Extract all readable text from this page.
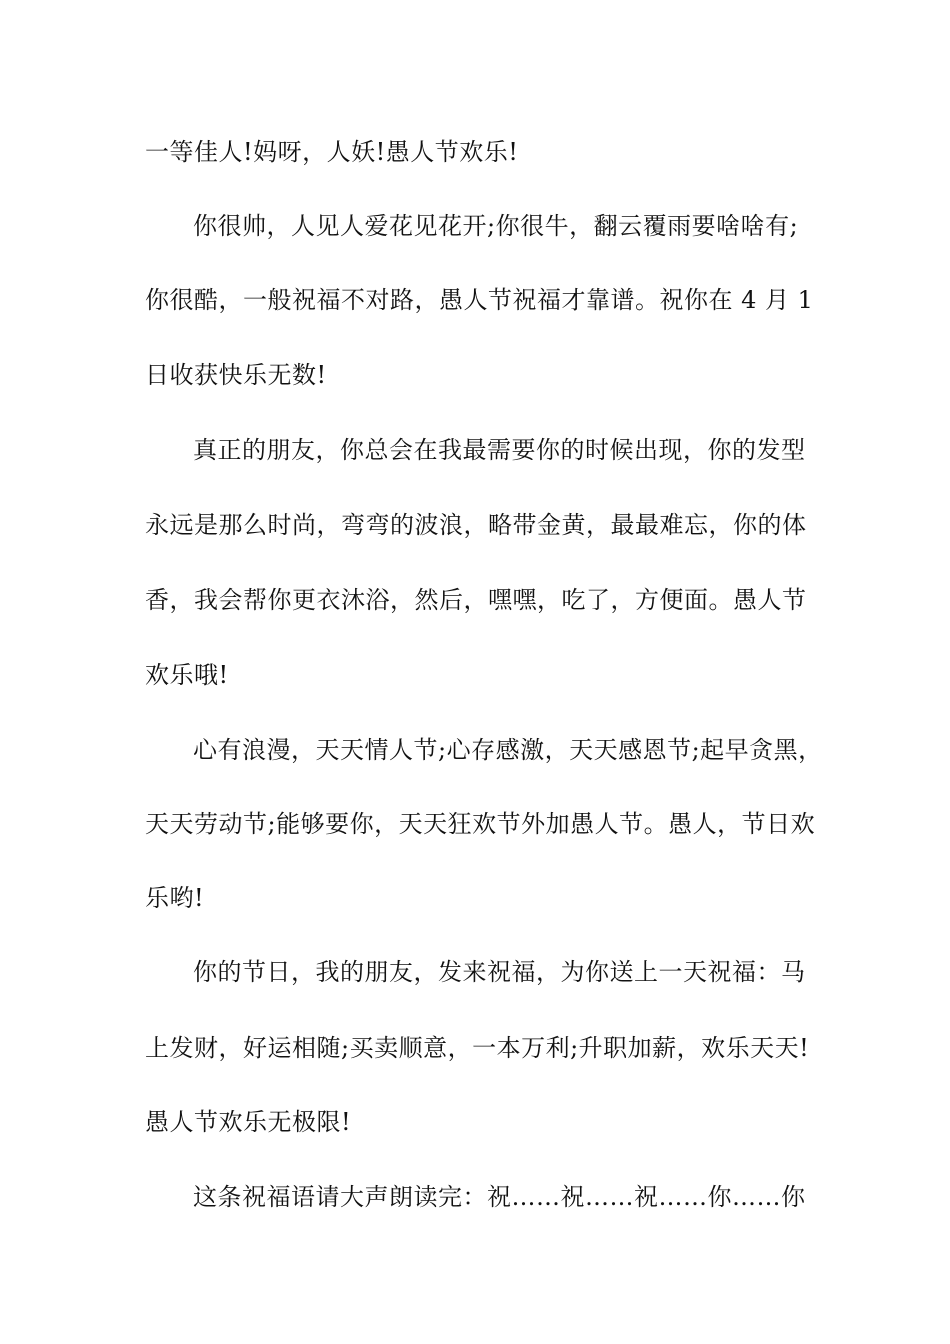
一等佳人!妈呀，人妖!愚人节欢乐!
你很帅，人见人爱花见花开;你很牛，翻云覆雨要啥啥有;
你很酷，一般祝福不对路，愚人节祝福才靠谱。祝你在 4 月 1
日收获快乐无数!
真正的朋友，你总会在我最需要你的时候出现，你的发型
永远是那么时尚，弯弯的波浪，略带金黄，最最难忘，你的体
香，我会帮你更衣沐浴，然后，嘿嘿，吃了，方便面。愚人节
欢乐哦!
心有浪漫，天天情人节;心存感激，天天感恩节;起早贪黑，
天天劳动节;能够要你，天天狂欢节外加愚人节。愚人，节日欢
乐哟!
你的节日，我的朋友，发来祝福，为你送上一天祝福：马
上发财，好运相随;买卖顺意，一本万利;升职加薪，欢乐天天!
愚人节欢乐无极限!
这条祝福语请大声朗读完：祝……祝……祝……你……你
